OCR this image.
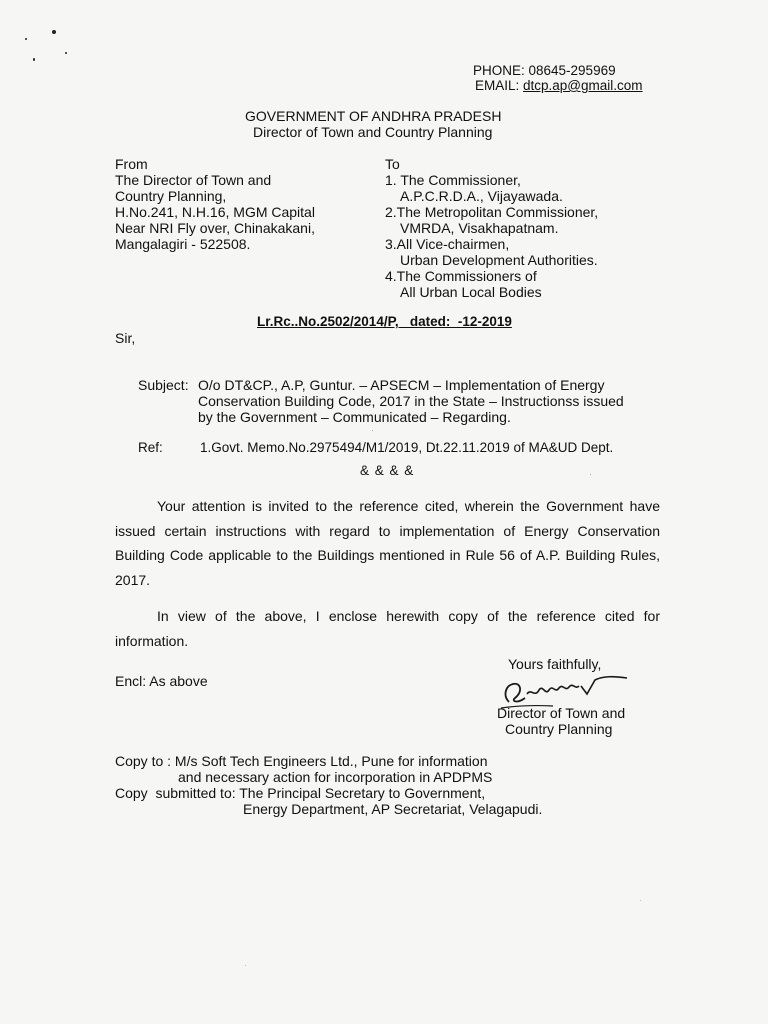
PHONE: 08645-295969
EMAIL: dtcp.ap@gmail.com
GOVERNMENT OF ANDHRA PRADESH
Director of Town and Country Planning
From
The Director of Town and
Country Planning,
H.No.241, N.H.16, MGM Capital
Near NRI Fly over, Chinakakani,
Mangalagiri - 522508.
To
1. The Commissioner,
A.P.C.R.D.A., Vijayawada.
2.The Metropolitan Commissioner,
VMRDA, Visakhapatnam.
3.All Vice-chairmen,
Urban Development Authorities.
4.The Commissioners of
All Urban Local Bodies
Lr.Rc..No.2502/2014/P,   dated:  -12-2019
Sir,
Subject: O/o DT&CP., A.P, Guntur. – APSECM – Implementation of Energy
Conservation Building Code, 2017 in the State – Instructionss issued
by the Government – Communicated – Regarding.
Ref:	1.Govt. Memo.No.2975494/M1/2019, Dt.22.11.2019 of MA&UD Dept.
& & & &
Your attention is invited to the reference cited, wherein the Government have issued certain instructions with regard to implementation of Energy Conservation Building Code applicable to the Buildings mentioned in Rule 56 of A.P. Building Rules, 2017.
In view of the above, I enclose herewith copy of the reference cited for information.
Yours faithfully,
Encl: As above
Director of Town and
Country Planning
Copy to : M/s Soft Tech Engineers Ltd., Pune for information
and necessary action for incorporation in APDPMS
Copy  submitted to: The Principal Secretary to Government,
Energy Department, AP Secretariat, Velagapudi.
